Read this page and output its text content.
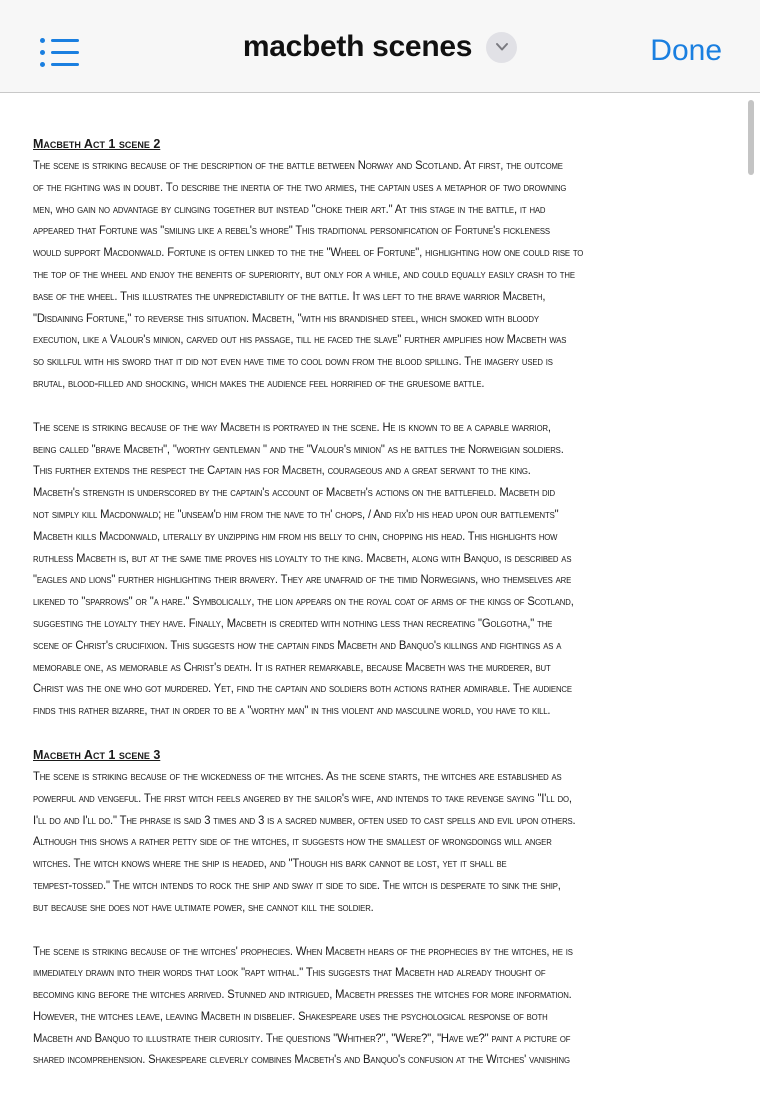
macbeth scenes	Done
Macbeth Act 1 scene 2
The scene is striking because of the description of the battle between Norway and Scotland. At first, the outcome
of the fighting was in doubt. To describe the inertia of the two armies, the captain uses a metaphor of two drowning
men, who gain no advantage by clinging together but instead "choke their art." At this stage in the battle, it had
appeared that Fortune was "smiling like a rebel's whore" This traditional personification of Fortune's fickleness
would support Macdonwald. Fortune is often linked to the the "Wheel of Fortune", highlighting how one could rise to
the top of the wheel and enjoy the benefits of superiority, but only for a while, and could equally easily crash to the
base of the wheel. This illustrates the unpredictability of the battle. It was left to the brave warrior Macbeth,
"Disdaining Fortune," to reverse this situation. Macbeth, "with his brandished steel, which smoked with bloody
execution, like a Valour's minion, carved out his passage, till he faced the slave" further amplifies how Macbeth was
so skillful with his sword that it did not even have time to cool down from the blood spilling. The imagery used is
brutal, blood-filled and shocking, which makes the audience feel horrified of the gruesome battle.
The scene is striking because of the way Macbeth is portrayed in the scene. He is known to be a capable warrior,
being called "brave Macbeth", "worthy gentleman " and the "Valour's minion" as he battles the Norweigian soldiers.
This further extends the respect the Captain has for Macbeth, courageous and a great servant to the king.
Macbeth's strength is underscored by the captain's account of Macbeth's actions on the battlefield. Macbeth did
not simply kill Macdonwald; he "unseam'd him from the nave to th' chops, / And fix'd his head upon our battlements"
Macbeth kills Macdonwald, literally by unzipping him from his belly to chin, chopping his head. This highlights how
ruthless Macbeth is, but at the same time proves his loyalty to the king. Macbeth, along with Banquo, is described as
"eagles and lions" further highlighting their bravery. They are unafraid of the timid Norwegians, who themselves are
likened to "sparrows" or "a hare." Symbolically, the lion appears on the royal coat of arms of the kings of Scotland,
suggesting the loyalty they have. Finally, Macbeth is credited with nothing less than recreating "Golgotha," the
scene of Christ's crucifixion. This suggests how the captain finds Macbeth and Banquo's killings and fightings as a
memorable one, as memorable as Christ's death. It is rather remarkable, because Macbeth was the murderer, but
Christ was the one who got murdered. Yet, find the captain and soldiers both actions rather admirable. The audience
finds this rather bizarre, that in order to be a "worthy man" in this violent and masculine world, you have to kill.
Macbeth Act 1 scene 3
The scene is striking because of the wickedness of the witches. As the scene starts, the witches are established as
powerful and vengeful. The first witch feels angered by the sailor's wife, and intends to take revenge saying "I'll do,
I'll do and I'll do." The phrase is said 3 times and 3 is a sacred number, often used to cast spells and evil upon others.
Although this shows a rather petty side of the witches, it suggests how the smallest of wrongdoings will anger
witches. The witch knows where the ship is headed, and "Though his bark cannot be lost, yet it shall be
tempest-tossed." The witch intends to rock the ship and sway it side to side. The witch is desperate to sink the ship,
but because she does not have ultimate power, she cannot kill the soldier.
The scene is striking because of the witches' prophecies. When Macbeth hears of the prophecies by the witches, he is
immediately drawn into their words that look "rapt withal." This suggests that Macbeth had already thought of
becoming king before the witches arrived. Stunned and intrigued, Macbeth presses the witches for more information.
However, the witches leave, leaving Macbeth in disbelief. Shakespeare uses the psychological response of both
Macbeth and Banquo to illustrate their curiosity. The questions "Whither?", "Were?", "Have we?" paint a picture of
shared incomprehension. Shakespeare cleverly combines Macbeth's and Banquo's confusion at the Witches' vanishing
